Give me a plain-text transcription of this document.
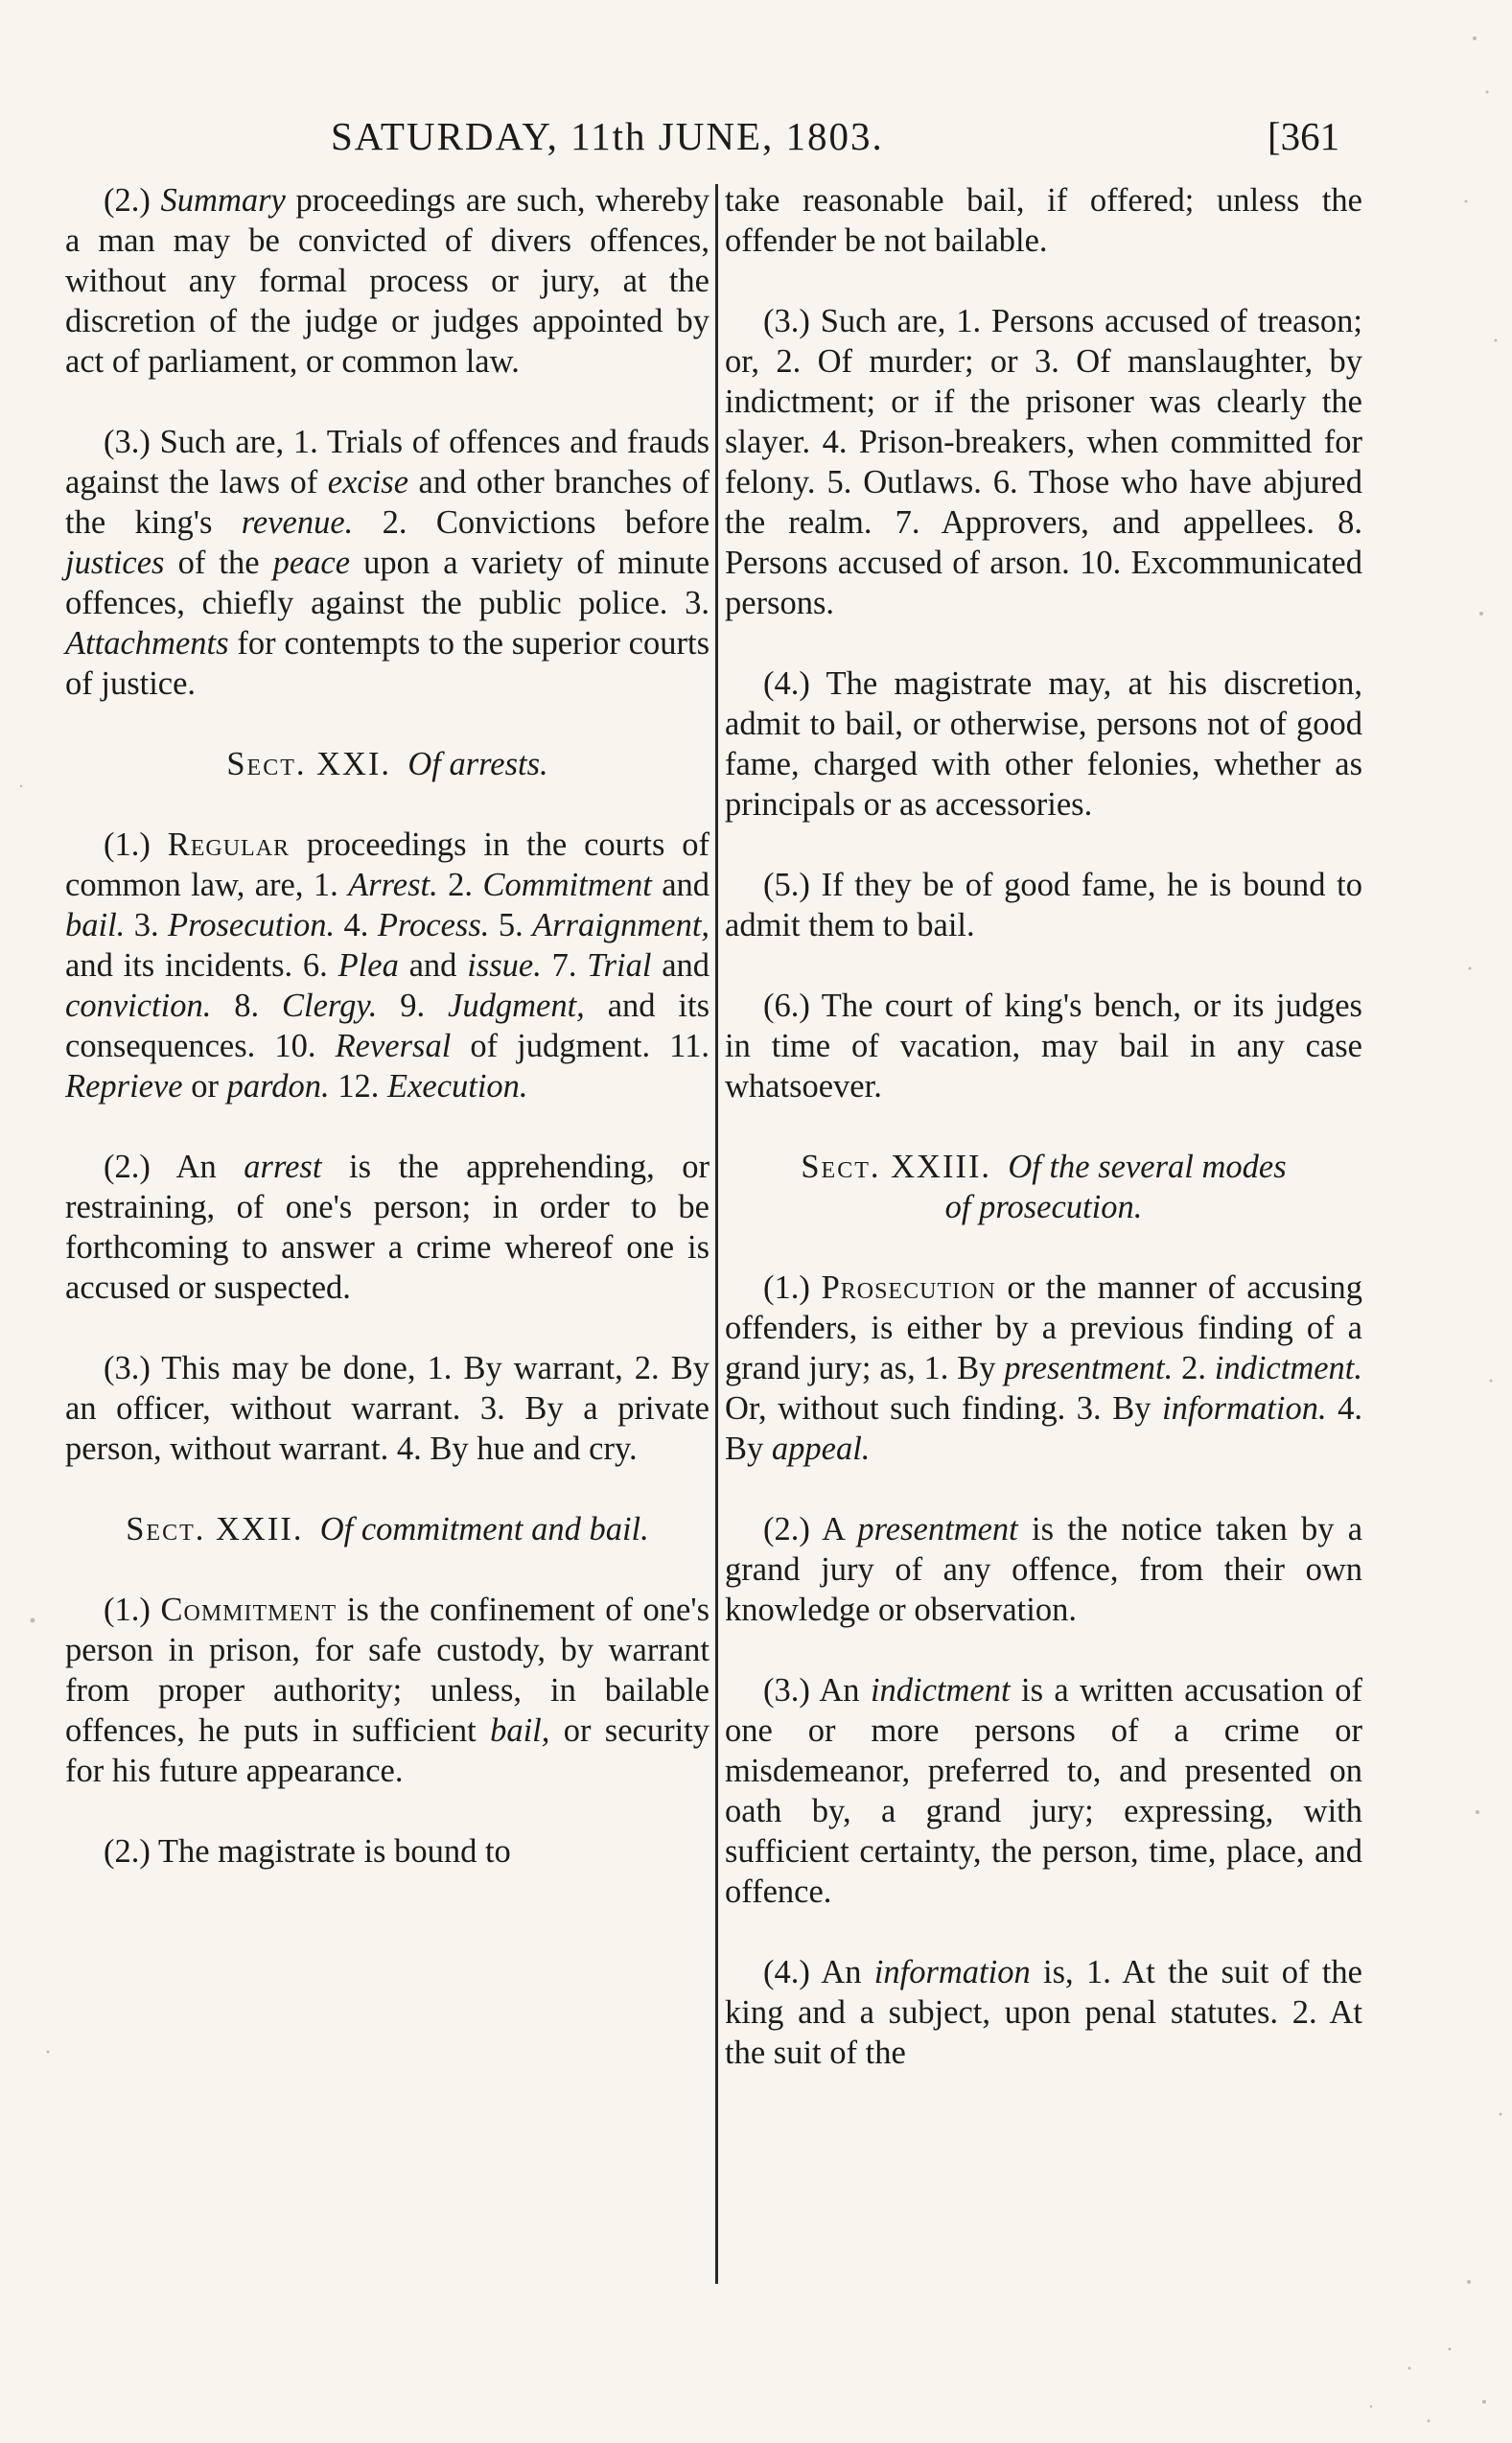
SATURDAY, 11th JUNE, 1803.	[361

(2.) Summary proceedings are such, whereby a man may be convicted of divers offences, without any formal process or jury, at the discretion of the judge or judges appointed by act of parliament, or common law.

(3.) Such are, 1. Trials of offences and frauds against the laws of excise and other branches of the king's revenue. 2. Convictions before justices of the peace upon a variety of minute offences, chiefly against the public police. 3. Attachments for contempts to the superior courts of justice.

Sect. XXI. Of arrests.

(1.) Regular proceedings in the courts of common law, are, 1. Arrest. 2. Commitment and bail. 3. Prosecution. 4. Process. 5. Arraignment, and its incidents. 6. Plea and issue. 7. Trial and conviction. 8. Clergy. 9. Judgment, and its consequences. 10. Reversal of judgment. 11. Reprieve or pardon. 12. Execution.

(2.) An arrest is the apprehending, or restraining, of one's person; in order to be forthcoming to answer a crime whereof one is accused or suspected.

(3.) This may be done, 1. By warrant, 2. By an officer, without warrant. 3. By a private person, without warrant. 4. By hue and cry.

Sect. XXII. Of commitment and bail.

(1.) Commitment is the confinement of one's person in prison, for safe custody, by warrant from proper authority; unless, in bailable offences, he puts in sufficient bail, or security for his future appearance.

(2.) The magistrate is bound to

take reasonable bail, if offered; unless the offender be not bailable.

(3.) Such are, 1. Persons accused of treason; or, 2. Of murder; or 3. Of manslaughter, by indictment; or if the prisoner was clearly the slayer. 4. Prison-breakers, when committed for felony. 5. Outlaws. 6. Those who have abjured the realm. 7. Approvers, and appellees. 8. Persons accused of arson. 10. Excommunicated persons.

(4.) The magistrate may, at his discretion, admit to bail, or otherwise, persons not of good fame, charged with other felonies, whether as principals or as accessories.

(5.) If they be of good fame, he is bound to admit them to bail.

(6.) The court of king's bench, or its judges in time of vacation, may bail in any case whatsoever.

Sect. XXIII. Of the several modes
of prosecution.

(1.) Prosecution or the manner of accusing offenders, is either by a previous finding of a grand jury; as, 1. By presentment. 2. indictment. Or, without such finding. 3. By information. 4. By appeal.

(2.) A presentment is the notice taken by a grand jury of any offence, from their own knowledge or observation.

(3.) An indictment is a written accusation of one or more persons of a crime or misdemeanor, preferred to, and presented on oath by, a grand jury; expressing, with sufficient certainty, the person, time, place, and offence.

(4.) An information is, 1. At the suit of the king and a subject, upon penal statutes. 2. At the suit of the
